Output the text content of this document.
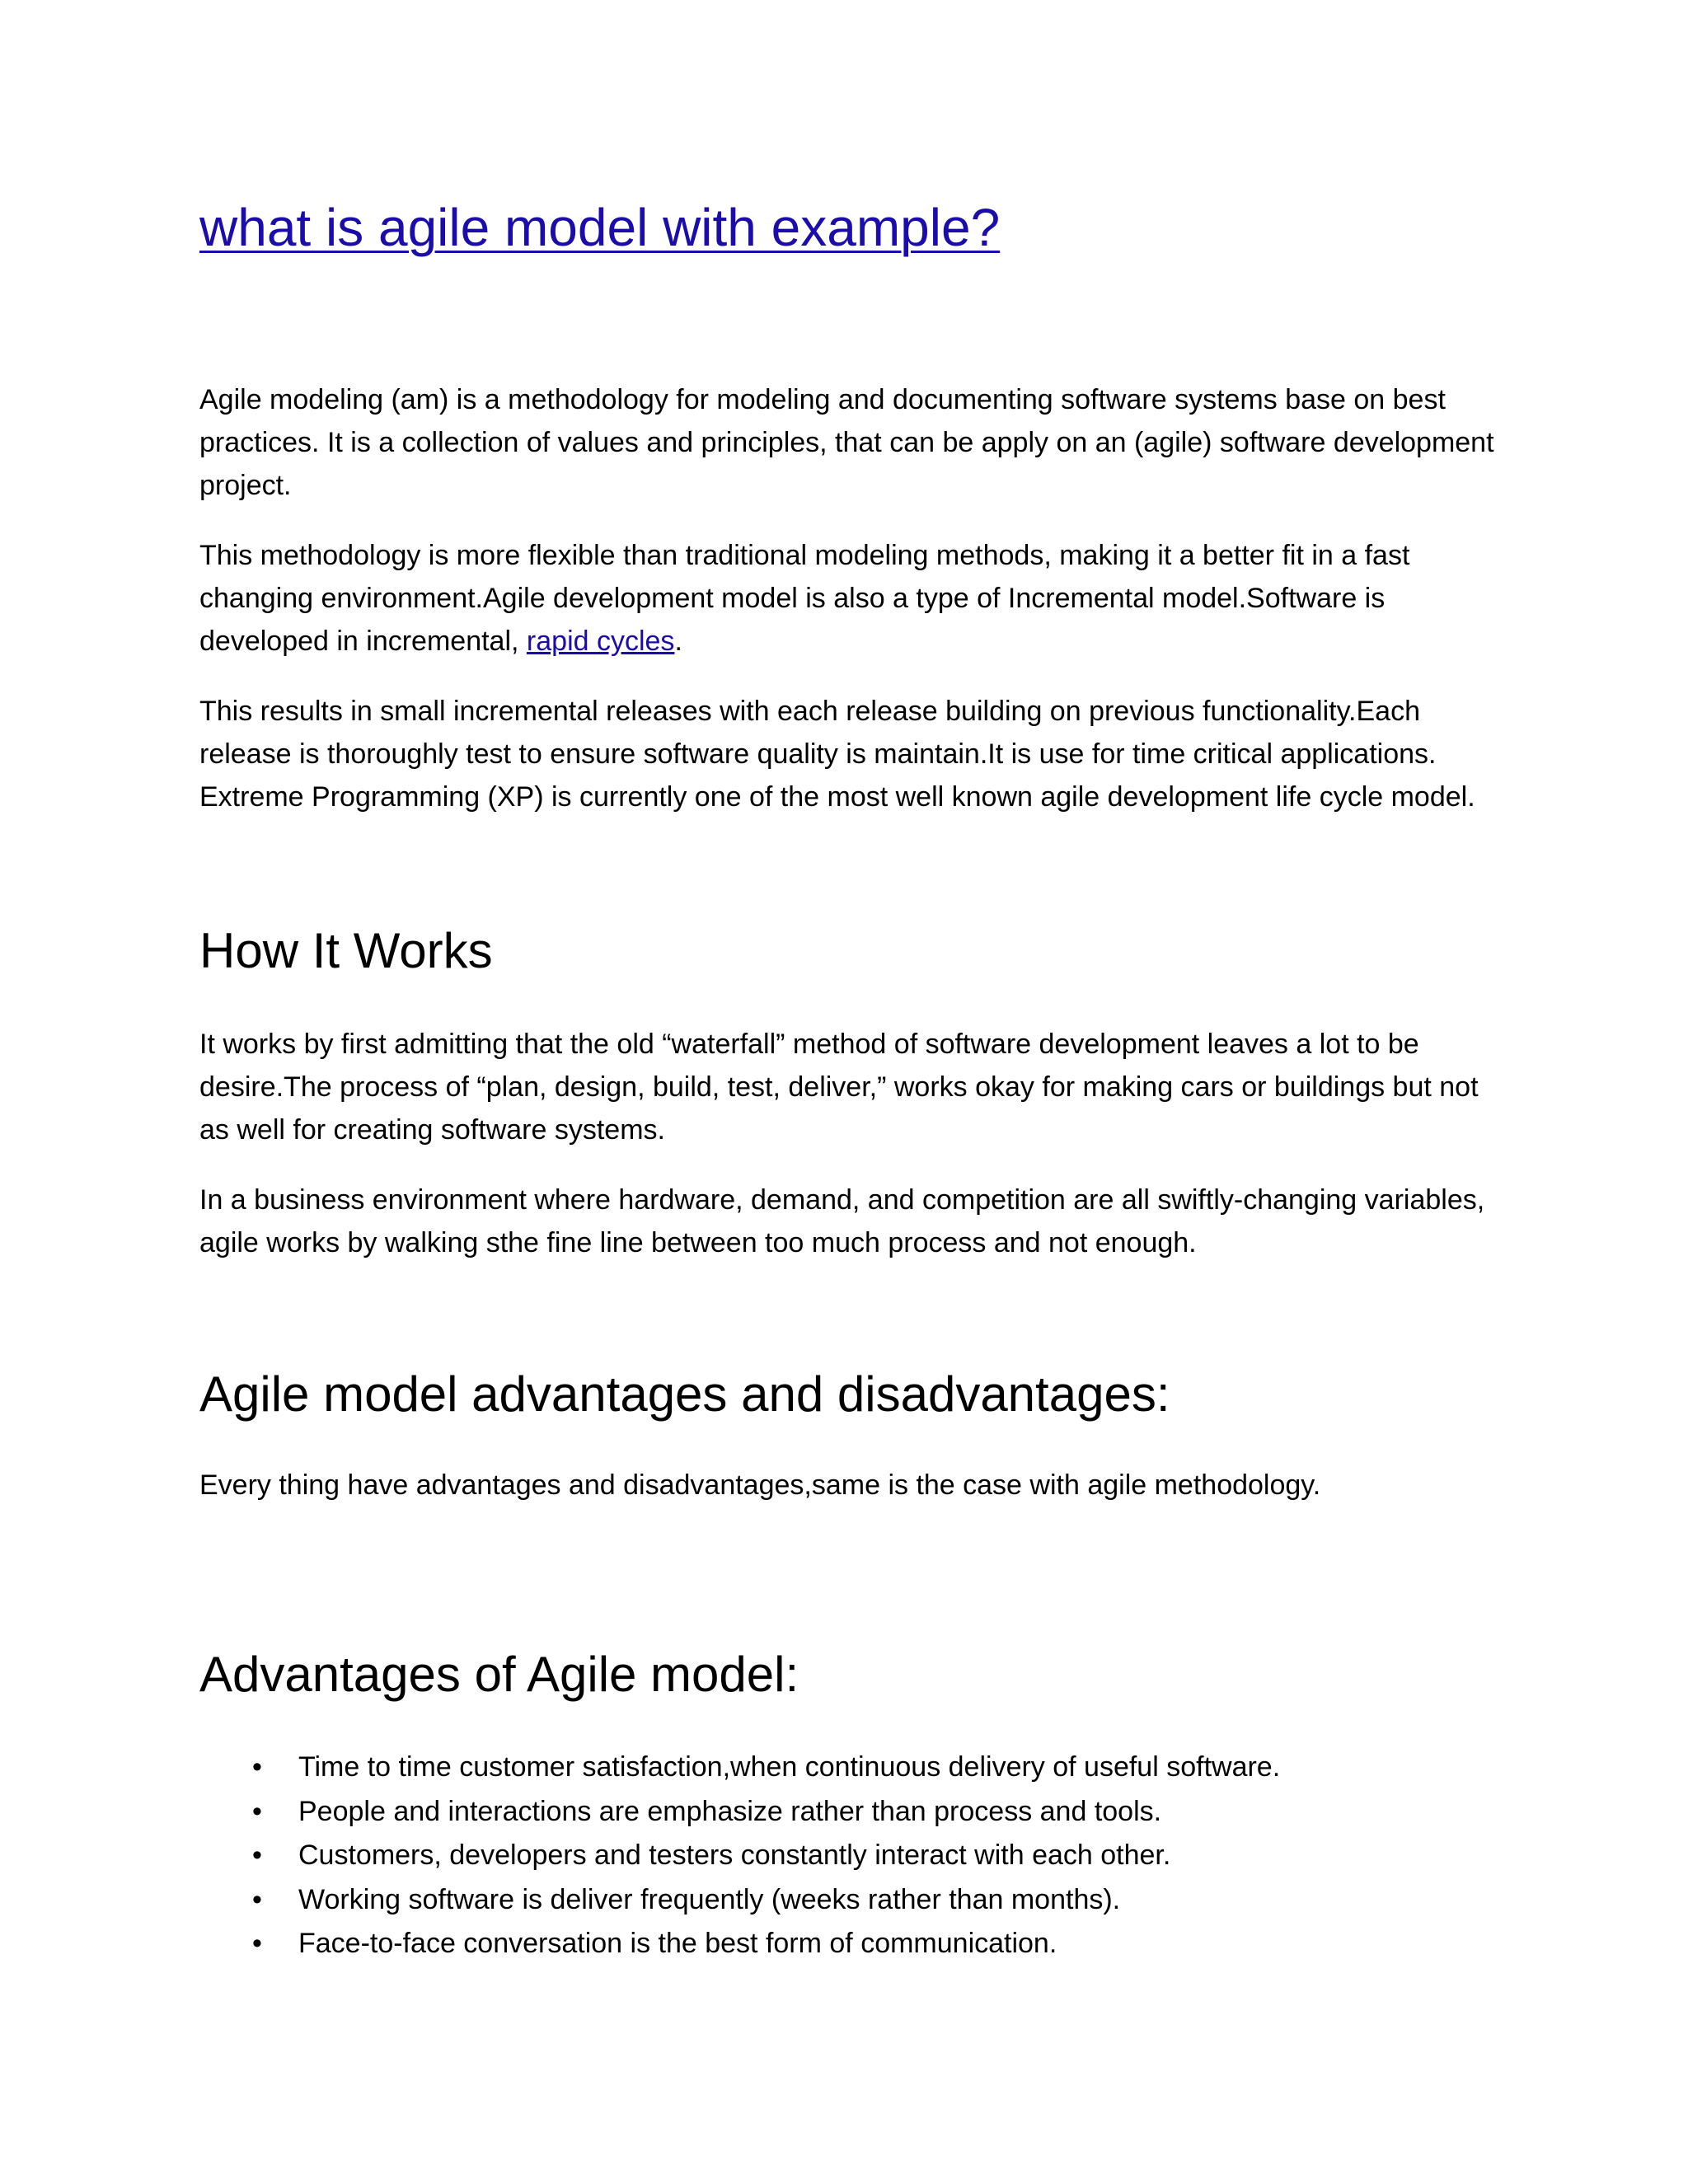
what is agile model with example?

Agile modeling (am) is a methodology for modeling and documenting software systems base on best practices. It is a collection of values and principles, that can be apply on an (agile) software development project.

This methodology is more flexible than traditional modeling methods, making it a better fit in a fast changing environment.Agile development model is also a type of Incremental model.Software is developed in incremental, rapid cycles.

This results in small incremental releases with each release building on previous functionality.Each release is thoroughly test to ensure software quality is maintain.It is use for time critical applications. Extreme Programming (XP) is currently one of the most well known agile development life cycle model.

How It Works

It works by first admitting that the old “waterfall” method of software development leaves a lot to be desire.The process of “plan, design, build, test, deliver,” works okay for making cars or buildings but not as well for creating software systems.

In a business environment where hardware, demand, and competition are all swiftly-changing variables, agile works by walking sthe fine line between too much process and not enough.

Agile model advantages and disadvantages:

Every thing have advantages and disadvantages,same is the case with agile methodology.

Advantages of Agile model:
• Time to time customer satisfaction,when continuous delivery of useful software.
• People and interactions are emphasize rather than process and tools.
• Customers, developers and testers constantly interact with each other.
• Working software is deliver frequently (weeks rather than months).
• Face-to-face conversation is the best form of communication.
